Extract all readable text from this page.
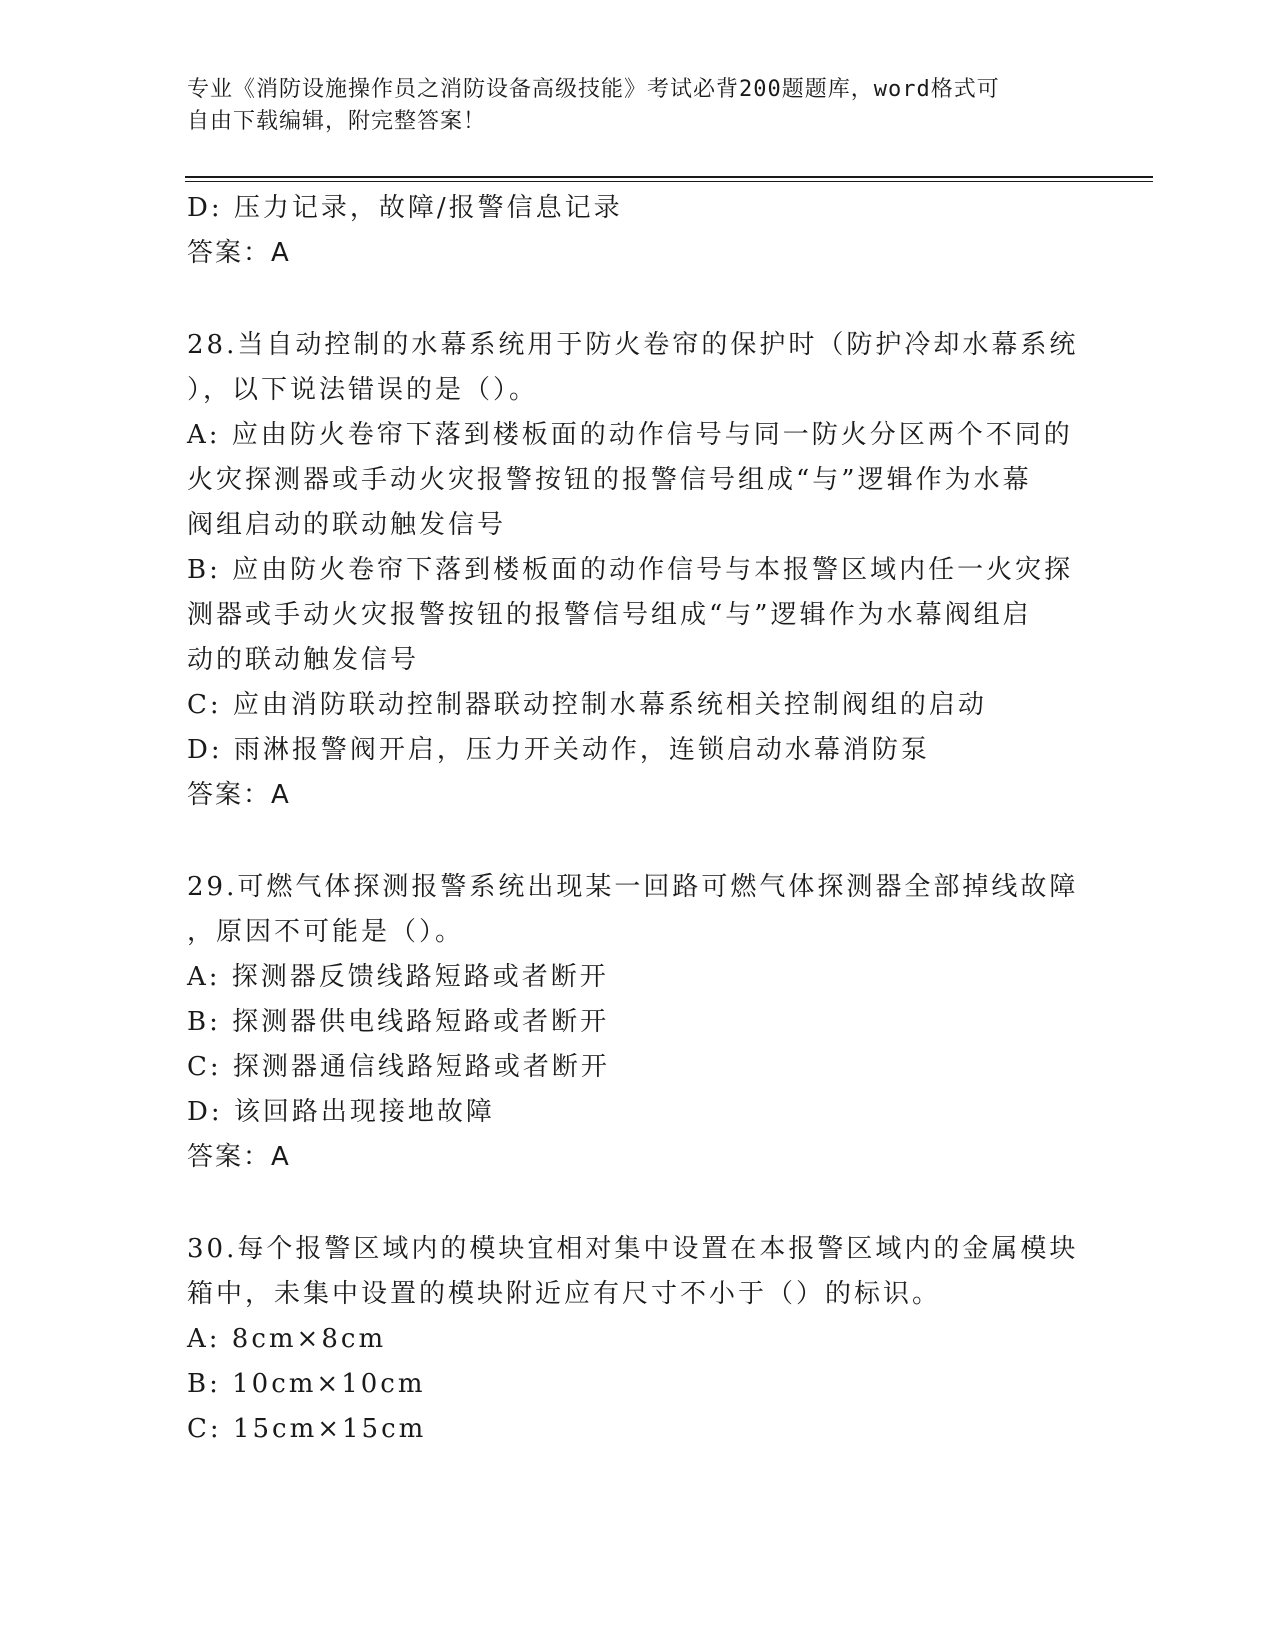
专业《消防设施操作员之消防设备高级技能》考试必背200题题库，word格式可
自由下载编辑，附完整答案！
D: 压力记录，故障/报警信息记录
答案：A
28.当自动控制的水幕系统用于防火卷帘的保护时（防护冷却水幕系统
），以下说法错误的是（）。
A: 应由防火卷帘下落到楼板面的动作信号与同一防火分区两个不同的
火灾探测器或手动火灾报警按钮的报警信号组成“与”逻辑作为水幕
阀组启动的联动触发信号
B: 应由防火卷帘下落到楼板面的动作信号与本报警区域内任一火灾探
测器或手动火灾报警按钮的报警信号组成“与”逻辑作为水幕阀组启
动的联动触发信号
C: 应由消防联动控制器联动控制水幕系统相关控制阀组的启动
D: 雨淋报警阀开启，压力开关动作，连锁启动水幕消防泵
答案：A
29.可燃气体探测报警系统出现某一回路可燃气体探测器全部掉线故障
，原因不可能是（）。
A: 探测器反馈线路短路或者断开
B: 探测器供电线路短路或者断开
C: 探测器通信线路短路或者断开
D: 该回路出现接地故障
答案：A
30.每个报警区域内的模块宜相对集中设置在本报警区域内的金属模块
箱中，未集中设置的模块附近应有尺寸不小于（）的标识。
A: 8cm×8cm
B: 10cm×10cm
C: 15cm×15cm
